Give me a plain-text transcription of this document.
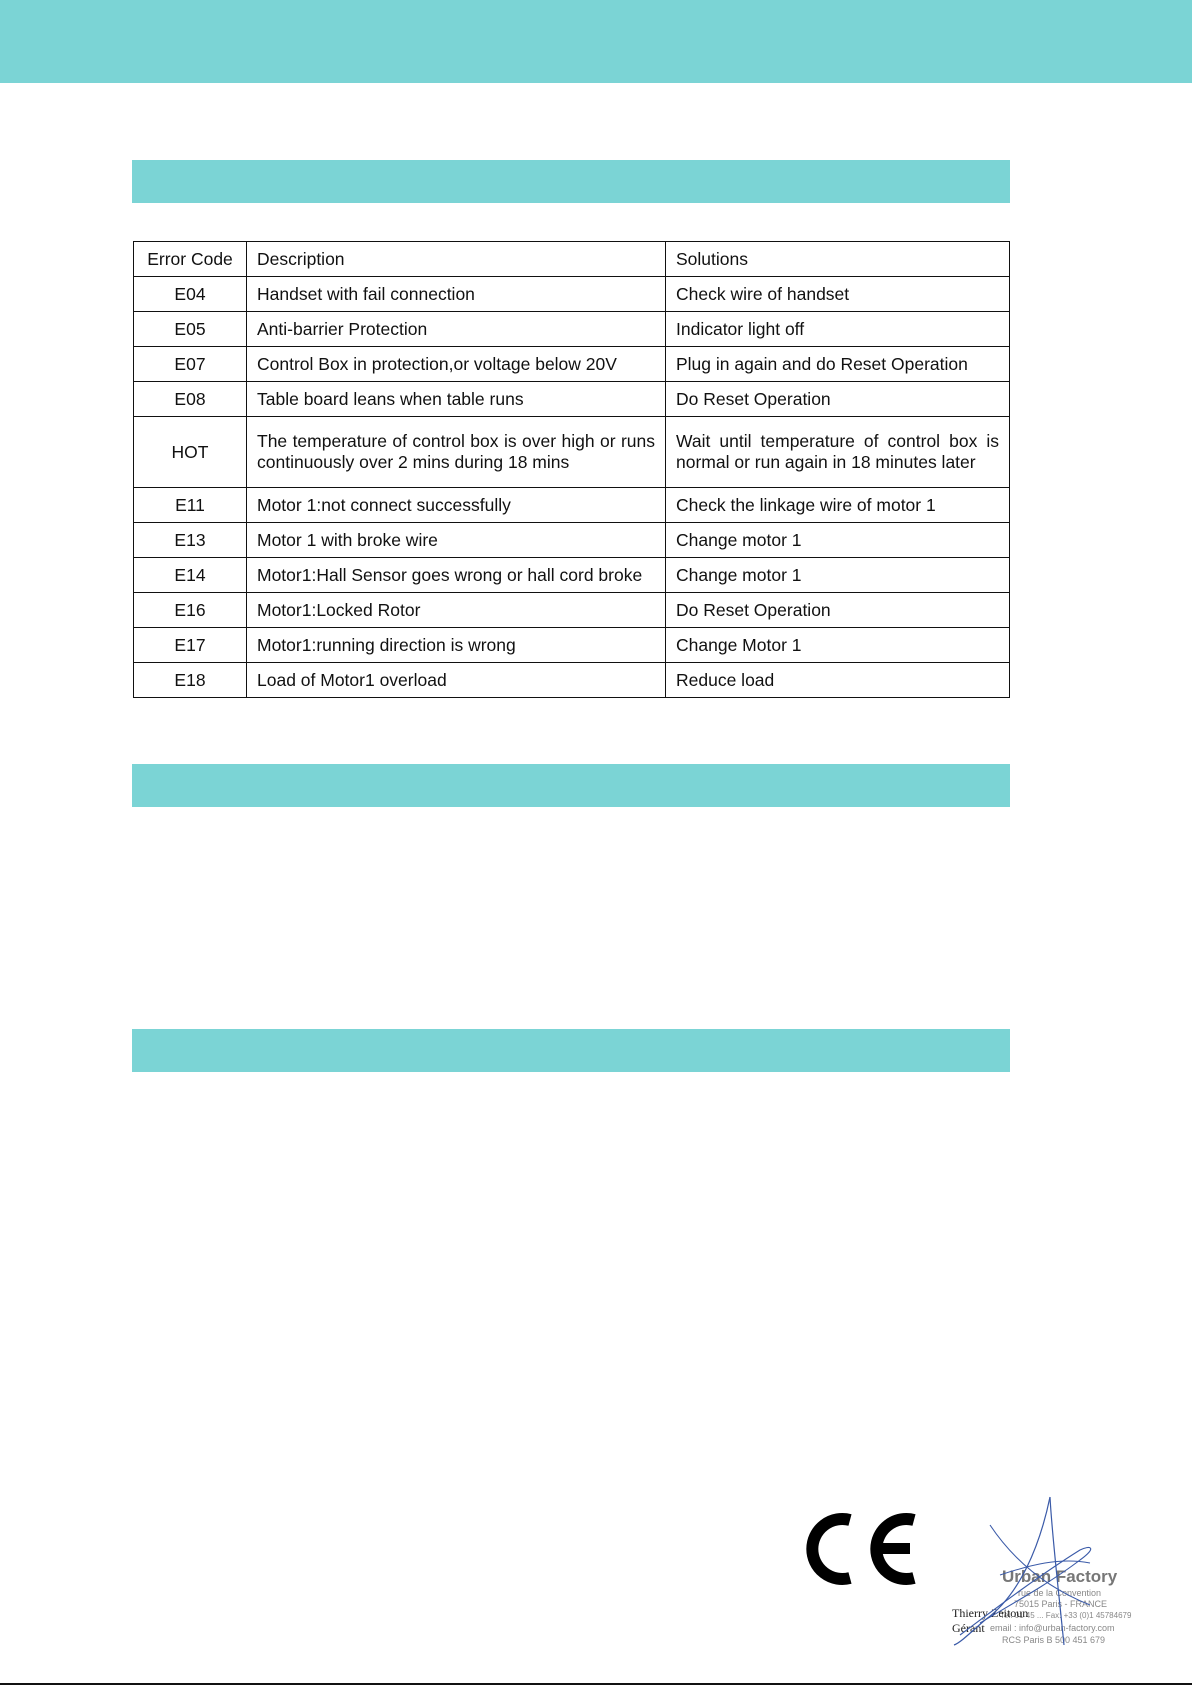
Error Code	Description	Solutions
E04	Handset with fail connection	Check wire of handset
E05	Anti-barrier Protection	Indicator light off
E07	Control Box in protection,or voltage below 20V	Plug in again and do Reset Operation
E08	Table board leans when table runs	Do Reset Operation
HOT	The temperature of control box is over high or runs continuously over 2 mins during 18 mins	Wait until temperature of control box is normal or run again in 18 minutes later
E11	Motor 1:not connect successfully	Check the linkage wire of motor 1
E13	Motor 1 with broke wire	Change motor 1
E14	Motor1:Hall Sensor goes wrong or hall cord broke	Change motor 1
E16	Motor1:Locked Rotor	Do Reset Operation
E17	Motor1:running direction is wrong	Change Motor 1
E18	Load of Motor1 overload	Reduce load
Urban Factory
rue de la Convention
75015 Paris - FRANCE
Tel: 01 45 ... Fax: +33 (0)1 45784679
email : info@urban-factory.com
RCS Paris B 500 451 679
Thierry Zeitoun
Gérant
